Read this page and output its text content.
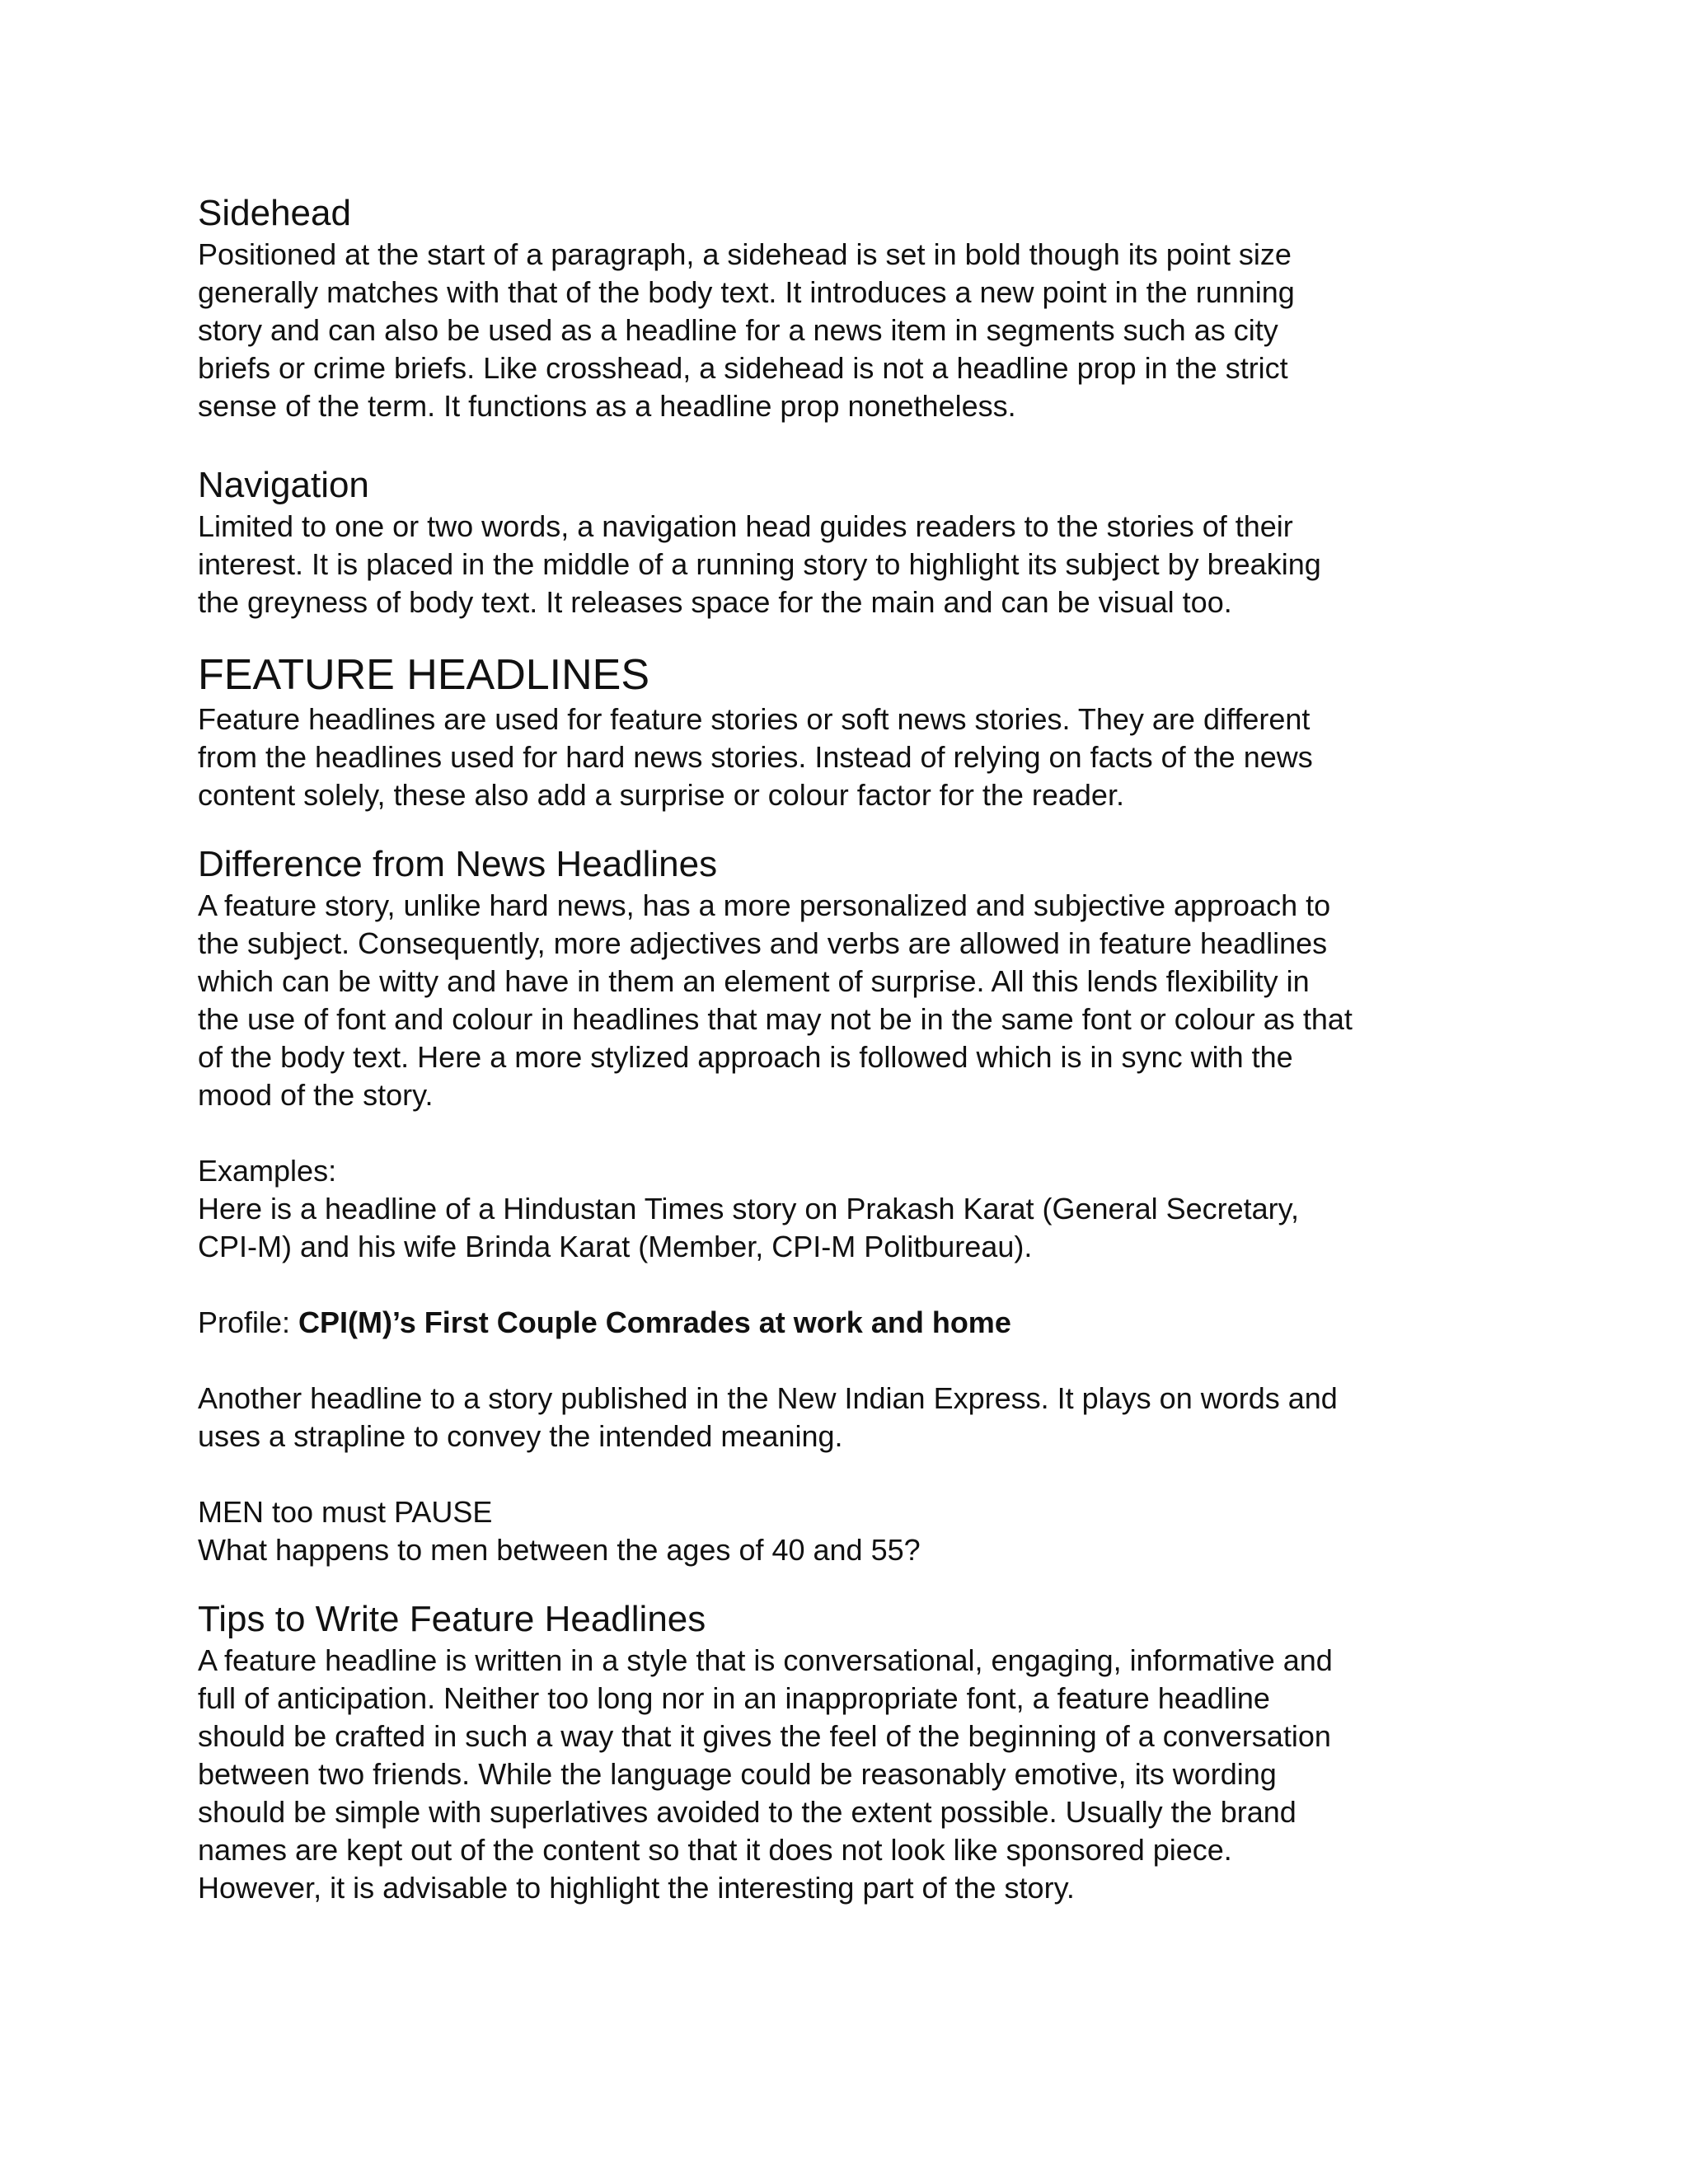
Sidehead

Positioned at the start of a paragraph, a sidehead is set in bold though its point size
generally matches with that of the body text. It introduces a new point in the running
story and can also be used as a headline for a news item in segments such as city
briefs or crime briefs. Like crosshead, a sidehead is not a headline prop in the strict
sense of the term. It functions as a headline prop nonetheless.

Navigation

Limited to one or two words, a navigation head guides readers to the stories of their
interest. It is placed in the middle of a running story to highlight its subject by breaking
the greyness of body text. It releases space for the main and can be visual too.

FEATURE HEADLINES

Feature headlines are used for feature stories or soft news stories. They are different
from the headlines used for hard news stories. Instead of relying on facts of the news
content solely, these also add a surprise or colour factor for the reader.

Difference from News Headlines

A feature story, unlike hard news, has a more personalized and subjective approach to
the subject. Consequently, more adjectives and verbs are allowed in feature headlines
which can be witty and have in them an element of surprise. All this lends flexibility in
the use of font and colour in headlines that may not be in the same font or colour as that
of the body text. Here a more stylized approach is followed which is in sync with the
mood of the story.

Examples:
Here is a headline of a Hindustan Times story on Prakash Karat (General Secretary,
CPI-M) and his wife Brinda Karat (Member, CPI-M Politbureau).

Profile: CPI(M)’s First Couple Comrades at work and home

Another headline to a story published in the New Indian Express. It plays on words and
uses a strapline to convey the intended meaning.

MEN too must PAUSE
What happens to men between the ages of 40 and 55?

Tips to Write Feature Headlines

A feature headline is written in a style that is conversational, engaging, informative and
full of anticipation. Neither too long nor in an inappropriate font, a feature headline
should be crafted in such a way that it gives the feel of the beginning of a conversation
between two friends. While the language could be reasonably emotive, its wording
should be simple with superlatives avoided to the extent possible. Usually the brand
names are kept out of the content so that it does not look like sponsored piece.
However, it is advisable to highlight the interesting part of the story.
